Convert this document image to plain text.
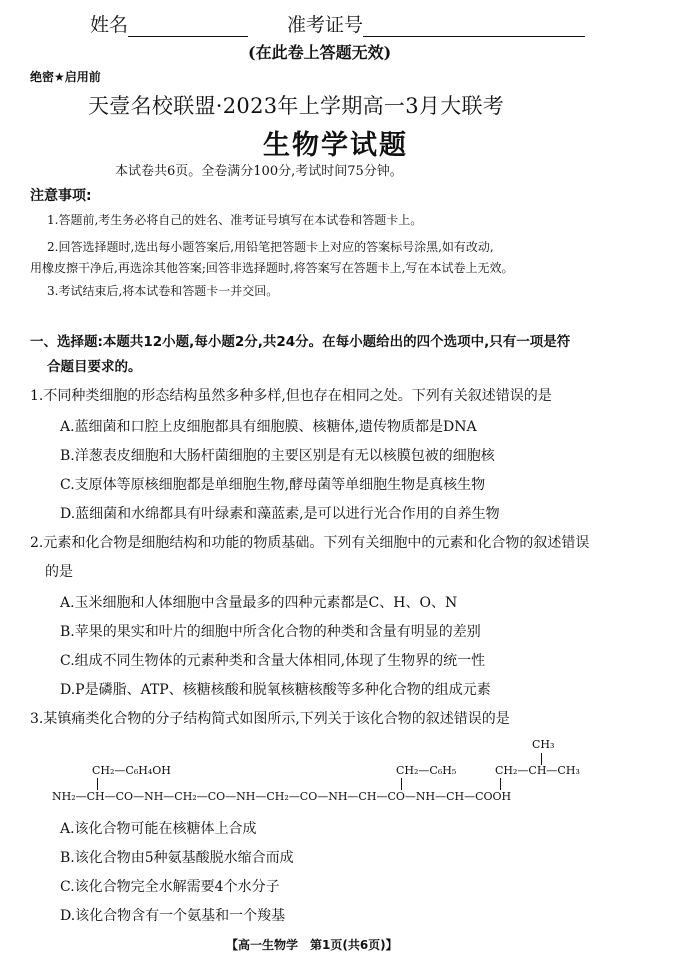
姓名	准考证号
(在此卷上答题无效)
绝密★启用前
天壹名校联盟·2023年上学期高一3月大联考
生物学试题
本试卷共6页。全卷满分100分,考试时间75分钟。
注意事项:
1.答题前,考生务必将自己的姓名、准考证号填写在本试卷和答题卡上。
2.回答选择题时,选出每小题答案后,用铅笔把答题卡上对应的答案标号涂黑,如有改动,
用橡皮擦干净后,再选涂其他答案;回答非选择题时,将答案写在答题卡上,写在本试卷上无效。
3.考试结束后,将本试卷和答题卡一并交回。
一、选择题:本题共12小题,每小题2分,共24分。在每小题给出的四个选项中,只有一项是符
合题目要求的。
1.不同种类细胞的形态结构虽然多种多样,但也存在相同之处。下列有关叙述错误的是
A.蓝细菌和口腔上皮细胞都具有细胞膜、核糖体,遗传物质都是DNA
B.洋葱表皮细胞和大肠杆菌细胞的主要区别是有无以核膜包被的细胞核
C.支原体等原核细胞都是单细胞生物,酵母菌等单细胞生物是真核生物
D.蓝细菌和水绵都具有叶绿素和藻蓝素,是可以进行光合作用的自养生物
2.元素和化合物是细胞结构和功能的物质基础。下列有关细胞中的元素和化合物的叙述错误
的是
A.玉米细胞和人体细胞中含量最多的四种元素都是C、H、O、N
B.苹果的果实和叶片的细胞中所含化合物的种类和含量有明显的差别
C.组成不同生物体的元素种类和含量大体相同,体现了生物界的统一性
D.P是磷脂、ATP、核糖核酸和脱氧核糖核酸等多种化合物的组成元素
3.某镇痛类化合物的分子结构简式如图所示,下列关于该化合物的叙述错误的是
CH₃
CH₂—C₆H₄OH	CH₂—C₆H₅	CH₂—CH—CH₃
NH₂—CH—CO—NH—CH₂—CO—NH—CH₂—CO—NH—CH—CO—NH—CH—COOH
A.该化合物可能在核糖体上合成
B.该化合物由5种氨基酸脱水缩合而成
C.该化合物完全水解需要4个水分子
D.该化合物含有一个氨基和一个羧基
【高一生物学　第1页(共6页)】
